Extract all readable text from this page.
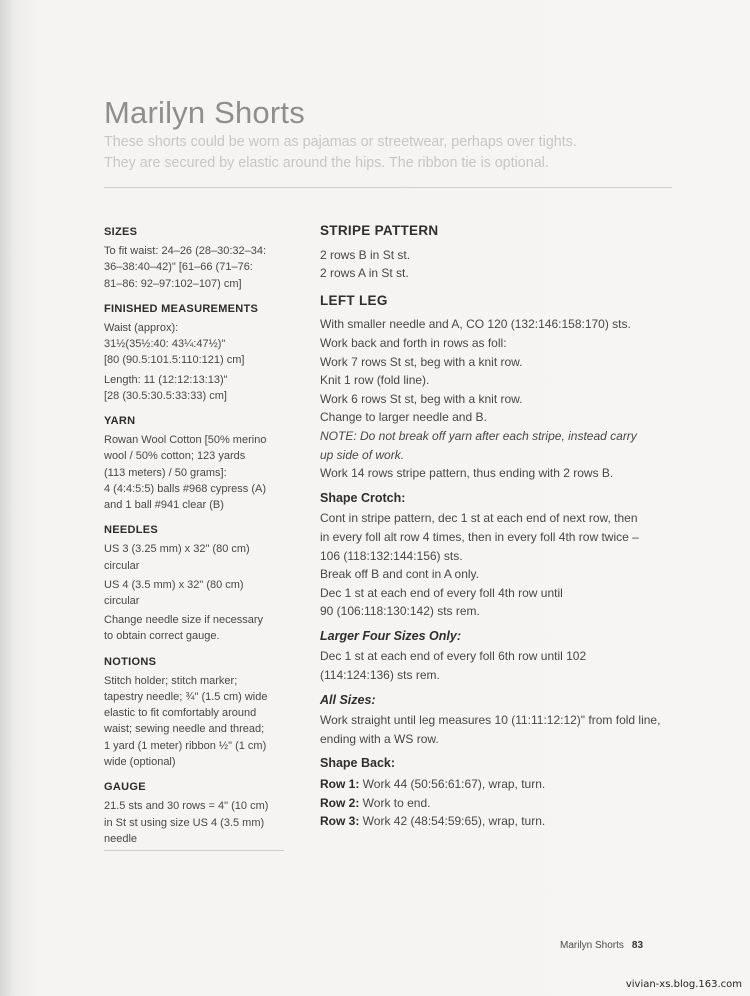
Marilyn Shorts

These shorts could be worn as pajamas or streetwear, perhaps over tights.
They are secured by elastic around the hips. The ribbon tie is optional.

SIZES

To fit waist: 24–26 (28–30:32–34:
36–38:40–42)" [61–66 (71–76:
81–86: 92–97:102–107) cm]

FINISHED MEASUREMENTS

Waist (approx):
31½(35½:40: 43¼:47½)"
[80 (90.5:101.5:110:121) cm]

Length: 11 (12:12:13:13)"
[28 (30.5:30.5:33:33) cm]

YARN

Rowan Wool Cotton [50% merino
wool / 50% cotton; 123 yards
(113 meters) / 50 grams]:
4 (4:4:5:5) balls #968 cypress (A)
and 1 ball #941 clear (B)

NEEDLES

US 3 (3.25 mm) x 32" (80 cm)
circular

US 4 (3.5 mm) x 32" (80 cm)
circular

Change needle size if necessary
to obtain correct gauge.

NOTIONS

Stitch holder; stitch marker;
tapestry needle; ¾" (1.5 cm) wide
elastic to fit comfortably around
waist; sewing needle and thread;
1 yard (1 meter) ribbon ½" (1 cm)
wide (optional)

GAUGE

21.5 sts and 30 rows = 4" (10 cm)
in St st using size US 4 (3.5 mm)
needle

STRIPE PATTERN

2 rows B in St st.
2 rows A in St st.

LEFT LEG

With smaller needle and A, CO 120 (132:146:158:170) sts.
Work back and forth in rows as foll:
Work 7 rows St st, beg with a knit row.
Knit 1 row (fold line).
Work 6 rows St st, beg with a knit row.
Change to larger needle and B.
NOTE: Do not break off yarn after each stripe, instead carry
up side of work.
Work 14 rows stripe pattern, thus ending with 2 rows B.

Shape Crotch:

Cont in stripe pattern, dec 1 st at each end of next row, then
in every foll alt row 4 times, then in every foll 4th row twice –
106 (118:132:144:156) sts.
Break off B and cont in A only.
Dec 1 st at each end of every foll 4th row until
90 (106:118:130:142) sts rem.

Larger Four Sizes Only:

Dec 1 st at each end of every foll 6th row until 102
(114:124:136) sts rem.

All Sizes:

Work straight until leg measures 10 (11:11:12:12)" from fold line,
ending with a WS row.

Shape Back:

Row 1: Work 44 (50:56:61:67), wrap, turn.
Row 2: Work to end.
Row 3: Work 42 (48:54:59:65), wrap, turn.

Marilyn Shorts 83
vivian-xs.blog.163.com
